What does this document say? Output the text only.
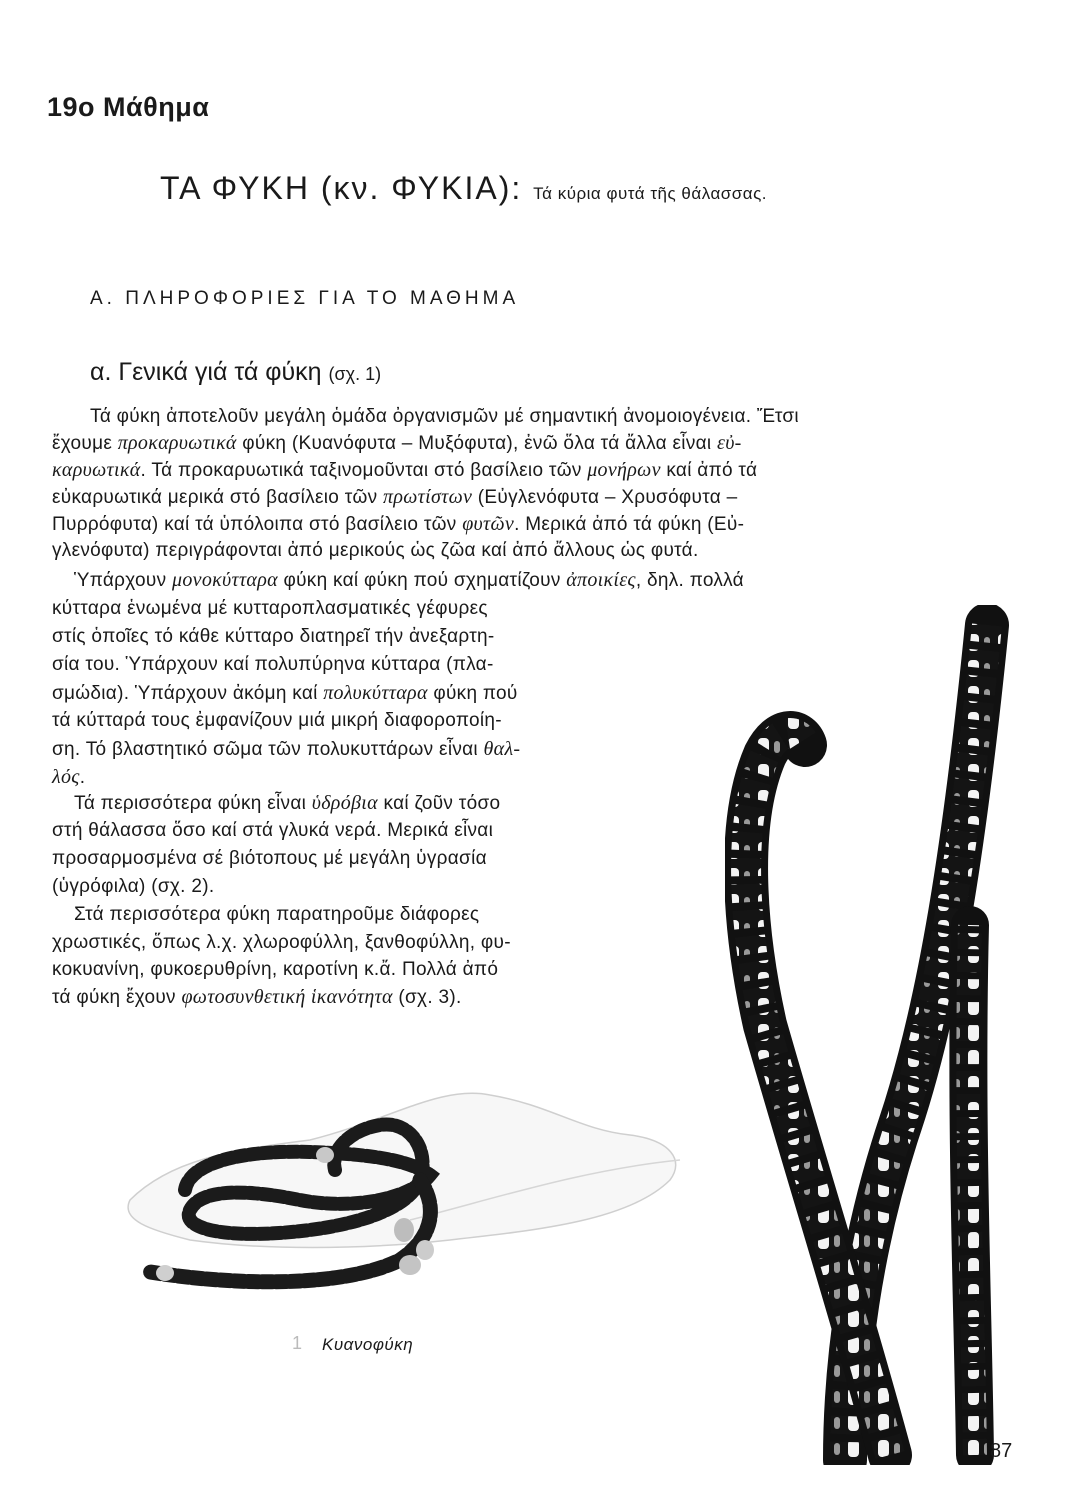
19ο Μάθημα
ΤΑ ΦΥΚΗ (κν. ΦΥΚΙΑ): Τά κύρια φυτά τῆς θάλασσας.
Α. ΠΛΗΡΟΦΟΡΙΕΣ ΓΙΑ ΤΟ ΜΑΘΗΜΑ
α. Γενικά γιά τά φύκη (σχ. 1)
Τά φύκη ἀποτελοῦν μεγάλη ὁμάδα ὀργανισμῶν μέ σημαντική ἀνομοιογένεια. Ἔτσι
ἔχουμε προκαρυωτικά φύκη (Κυανόφυτα – Μυξόφυτα), ἐνῶ ὅλα τά ἄλλα εἶναι εὐ-
καρυωτικά. Τά προκαρυωτικά ταξινομοῦνται στό βασίλειο τῶν μονήρων καί ἀπό τά
εὐκαρυωτικά μερικά στό βασίλειο τῶν πρωτίστων (Εὐγλενόφυτα – Χρυσόφυτα –
Πυρρόφυτα) καί τά ὑπόλοιπα στό βασίλειο τῶν φυτῶν. Μερικά ἀπό τά φύκη (Εὐ-
γλενόφυτα) περιγράφονται ἀπό μερικούς ὡς ζῶα καί ἀπό ἄλλους ὡς φυτά.
Ὑπάρχουν μονοκύτταρα φύκη καί φύκη πού σχηματίζουν ἀποικίες, δηλ. πολλά
κύτταρα ἑνωμένα μέ κυτταροπλασματικές γέφυρες
στίς ὁποῖες τό κάθε κύτταρο διατηρεῖ τήν ἀνεξαρτη-
σία του. Ὑπάρχουν καί πολυπύρηνα κύτταρα (πλα-
σμώδια). Ὑπάρχουν ἀκόμη καί πολυκύτταρα φύκη πού
τά κύτταρά τους ἐμφανίζουν μιά μικρή διαφοροποίη-
ση. Τό βλαστητικό σῶμα τῶν πολυκυττάρων εἶναι θαλ-
λός.
Τά περισσότερα φύκη εἶναι ὑδρόβια καί ζοῦν τόσο
στή θάλασσα ὅσο καί στά γλυκά νερά. Μερικά εἶναι
προσαρμοσμένα σέ βιότοπους μέ μεγάλη ὑγρασία
(ὑγρόφιλα) (σχ. 2).
Στά περισσότερα φύκη παρατηροῦμε διάφορες
χρωστικές, ὅπως λ.χ. χλωροφύλλη, ξανθοφύλλη, φυ-
κοκυανίνη, φυκοερυθρίνη, καροτίνη κ.ἄ. Πολλά ἀπό
τά φύκη ἔχουν φωτοσυνθετική ἱκανότητα (σχ. 3).
1 Κυανοφύκη
87
